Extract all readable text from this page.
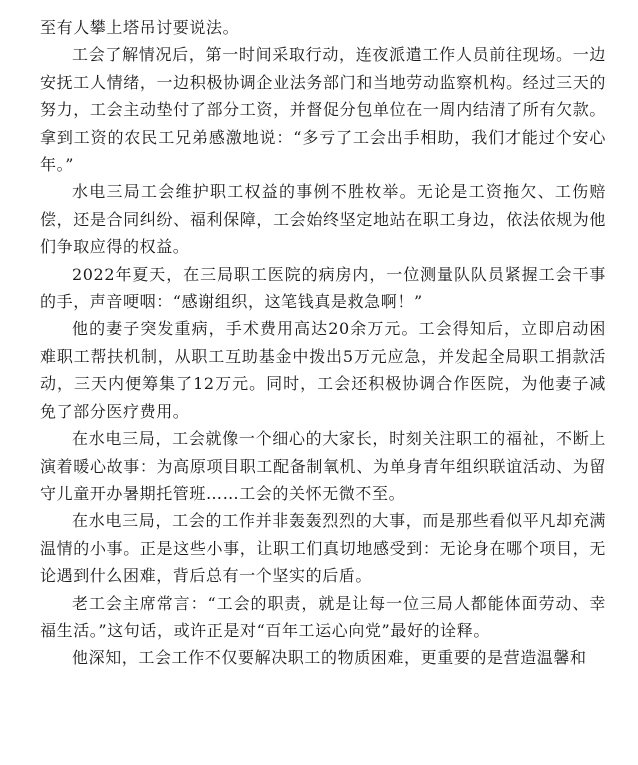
至有人攀上塔吊讨要说法。

工会了解情况后，第一时间采取行动，连夜派遣工作人员前往现场。一边安抚工人情绪，一边积极协调企业法务部门和当地劳动监察机构。经过三天的努力，工会主动垫付了部分工资，并督促分包单位在一周内结清了所有欠款。拿到工资的农民工兄弟感激地说：“多亏了工会出手相助，我们才能过个安心年。”

水电三局工会维护职工权益的事例不胜枚举。无论是工资拖欠、工伤赔偿，还是合同纠纷、福利保障，工会始终坚定地站在职工身边，依法依规为他们争取应得的权益。

2022年夏天，在三局职工医院的病房内，一位测量队队员紧握工会干事的手，声音哽咽：“感谢组织，这笔钱真是救急啊！”

他的妻子突发重病，手术费用高达20余万元。工会得知后，立即启动困难职工帮扶机制，从职工互助基金中拨出5万元应急，并发起全局职工捐款活动，三天内便筹集了12万元。同时，工会还积极协调合作医院，为他妻子减免了部分医疗费用。

在水电三局，工会就像一个细心的大家长，时刻关注职工的福祉，不断上演着暖心故事：为高原项目职工配备制氧机、为单身青年组织联谊活动、为留守儿童开办暑期托管班……工会的关怀无微不至。

在水电三局，工会的工作并非轰轰烈烈的大事，而是那些看似平凡却充满温情的小事。正是这些小事，让职工们真切地感受到：无论身在哪个项目，无论遇到什么困难，背后总有一个坚实的后盾。

老工会主席常言：“工会的职责，就是让每一位三局人都能体面劳动、幸福生活。”这句话，或许正是对“百年工运心向党”最好的诠释。

他深知，工会工作不仅要解决职工的物质困难，更重要的是营造温馨和
